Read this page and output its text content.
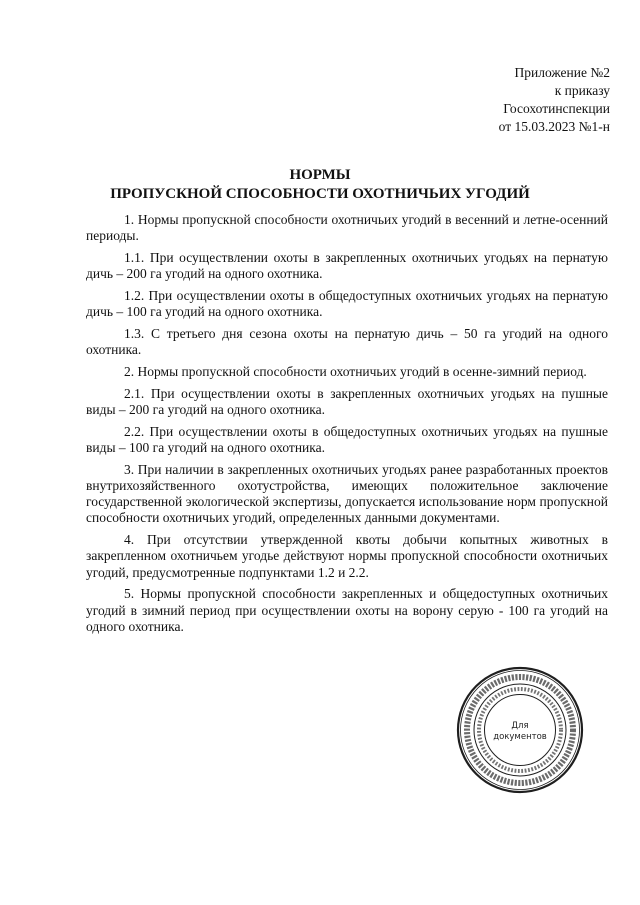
Приложение №2
к приказу
Госохотинспекции
от 15.03.2023 №1-н
НОРМЫ
ПРОПУСКНОЙ СПОСОБНОСТИ ОХОТНИЧЬИХ УГОДИЙ

1. Нормы пропускной способности охотничьих угодий в весенний и летне-осенний периоды.

1.1. При осуществлении охоты в закрепленных охотничьих угодьях на пернатую дичь – 200 га угодий на одного охотника.

1.2. При осуществлении охоты в общедоступных охотничьих угодьях на пернатую дичь – 100 га угодий на одного охотника.

1.3. С третьего дня сезона охоты на пернатую дичь – 50 га угодий на одного охотника.

2. Нормы пропускной способности охотничьих угодий в осенне-зимний период.

2.1. При осуществлении охоты в закрепленных охотничьих угодьях на пушные виды – 200 га угодий на одного охотника.

2.2. При осуществлении охоты в общедоступных охотничьих угодьях на пушные виды – 100 га угодий на одного охотника.

3. При наличии в закрепленных охотничьих угодьях ранее разработанных проектов внутрихозяйственного охотустройства, имеющих положительное заключение государственной экологической экспертизы, допускается использование норм пропускной способности охотничьих угодий, определенных данными документами.

4. При отсутствии утвержденной квоты добычи копытных животных в закрепленном охотничьем угодье действуют нормы пропускной способности охотничьих угодий, предусмотренные подпунктами 1.2 и 2.2.

5. Нормы пропускной способности закрепленных и общедоступных охотничьих угодий в зимний период при осуществлении охоты на ворону серую - 100 га угодий на одного охотника.

Для
документов
